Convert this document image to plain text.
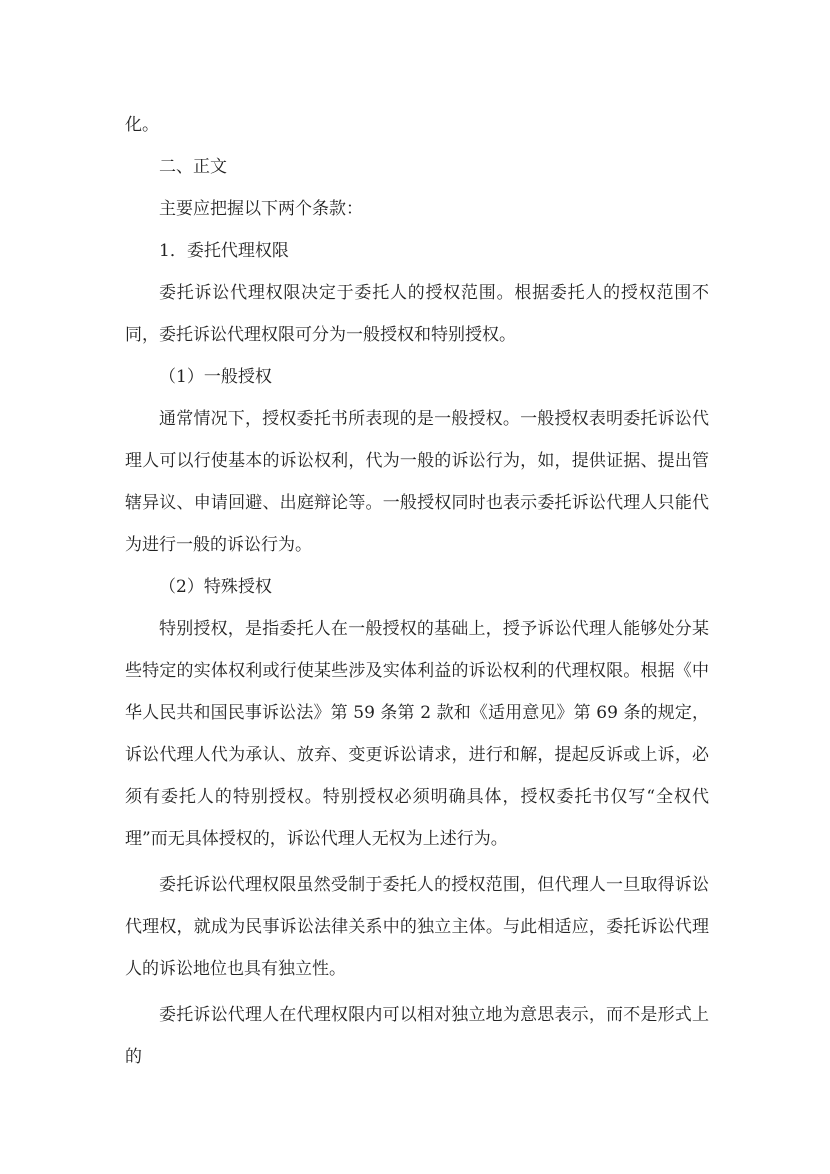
化。

二、正文

主要应把握以下两个条款：

1．委托代理权限

委托诉讼代理权限决定于委托人的授权范围。根据委托人的授权范围不同，委托诉讼代理权限可分为一般授权和特别授权。

（1）一般授权

通常情况下，授权委托书所表现的是一般授权。一般授权表明委托诉讼代理人可以行使基本的诉讼权利，代为一般的诉讼行为，如，提供证据、提出管辖异议、申请回避、出庭辩论等。一般授权同时也表示委托诉讼代理人只能代为进行一般的诉讼行为。

（2）特殊授权

特别授权，是指委托人在一般授权的基础上，授予诉讼代理人能够处分某些特定的实体权利或行使某些涉及实体利益的诉讼权利的代理权限。根据《中华人民共和国民事诉讼法》第 59 条第 2 款和《适用意见》第 69 条的规定，诉讼代理人代为承认、放弃、变更诉讼请求，进行和解，提起反诉或上诉，必须有委托人的特别授权。特别授权必须明确具体，授权委托书仅写“全权代理”而无具体授权的，诉讼代理人无权为上述行为。

委托诉讼代理权限虽然受制于委托人的授权范围，但代理人一旦取得诉讼代理权，就成为民事诉讼法律关系中的独立主体。与此相适应，委托诉讼代理人的诉讼地位也具有独立性。

委托诉讼代理人在代理权限内可以相对独立地为意思表示，而不是形式上的
